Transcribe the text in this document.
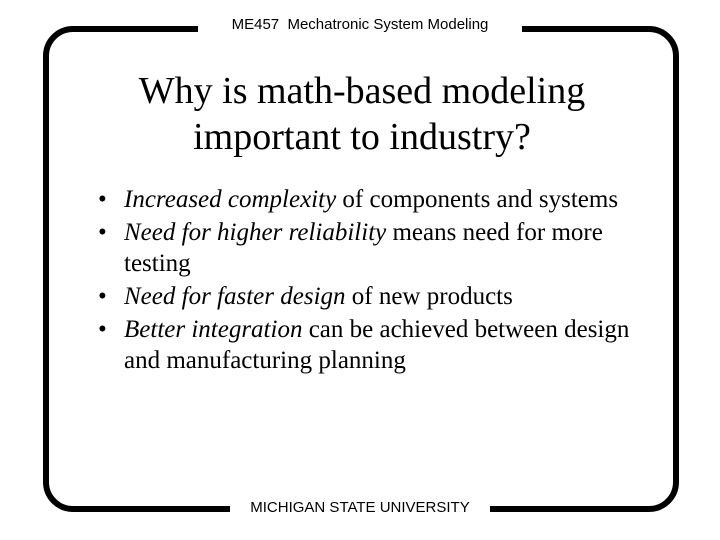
ME457  Mechatronic System Modeling
Why is math-based modeling
important to industry?
• Increased complexity of components and systems
• Need for higher reliability means need for more testing
• Need for faster design of new products
• Better integration can be achieved between design and manufacturing planning
MICHIGAN STATE UNIVERSITY
